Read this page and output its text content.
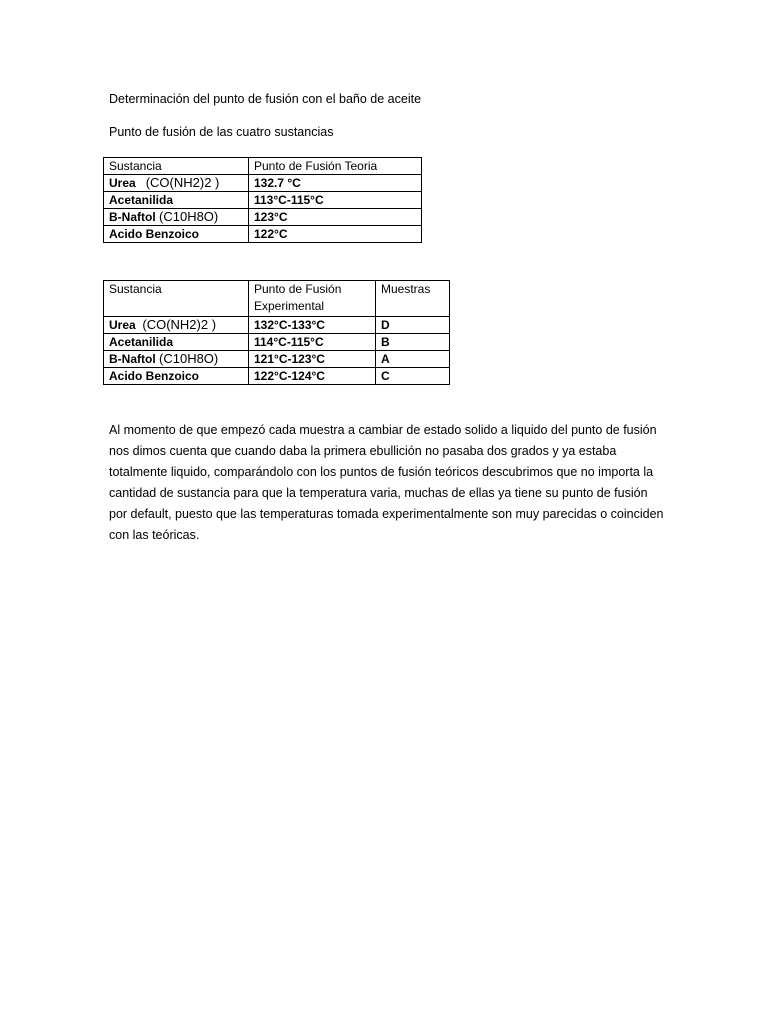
Determinación del punto de fusión con el baño de aceite
Punto de fusión de las cuatro sustancias
Sustancia	Punto de Fusión Teoria
Urea (CO(NH2)2 )	132.7 °C
Acetanilida	113°C-115°C
B-Naftol (C10H8O)	123°C
Acido Benzoico	122°C
Sustancia	Punto de Fusión Experimental	Muestras
Urea (CO(NH2)2 )	132°C-133°C	D
Acetanilida	114°C-115°C	B
B-Naftol (C10H8O)	121°C-123°C	A
Acido Benzoico	122°C-124°C	C

Al momento de que empezó cada muestra a cambiar de estado solido a liquido del punto de fusión nos dimos cuenta que cuando daba la primera ebullición no pasaba dos grados y ya estaba totalmente liquido, comparándolo con los puntos de fusión teóricos descubrimos que no importa la cantidad de sustancia para que la temperatura varia, muchas de ellas ya tiene su punto de fusión por default, puesto que las temperaturas tomada experimentalmente son muy parecidas o coinciden con las teóricas.
